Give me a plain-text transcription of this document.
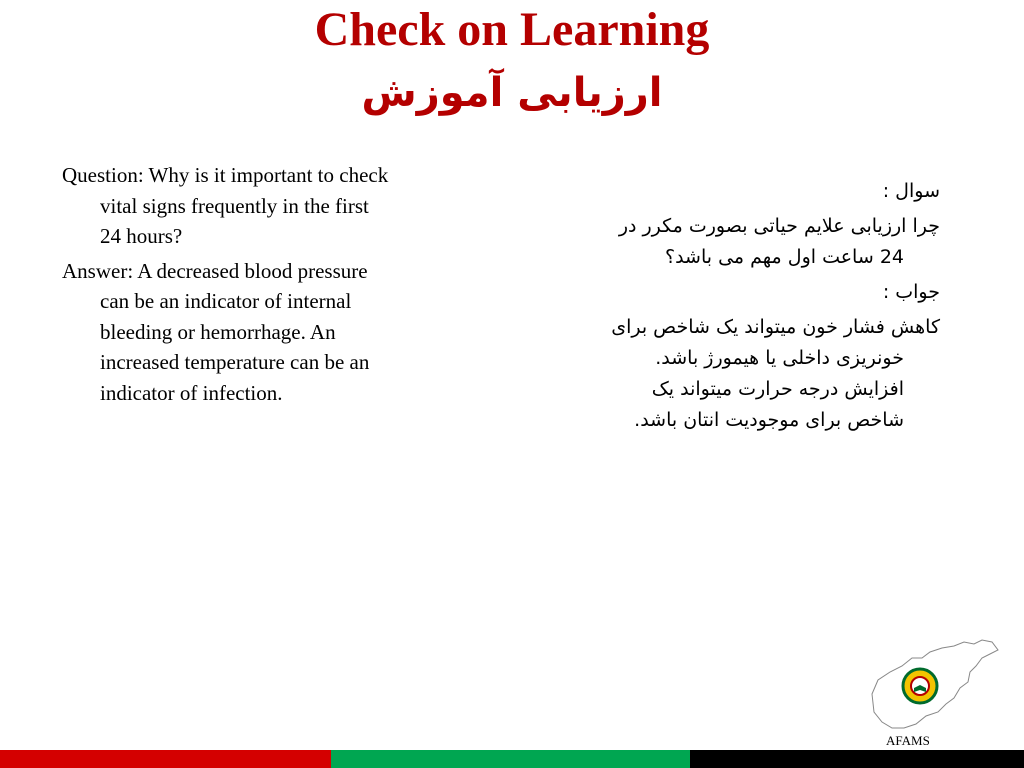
Check on Learning
ارزیابی آموزش

Question: Why is it important to check vital signs frequently in the first 24 hours?

Answer: A decreased blood pressure can be an indicator of internal bleeding or hemorrhage. An increased temperature can be an indicator of infection.

سوال :

چرا ارزیابی علایم حیاتی بصورت مکرر در 24 ساعت اول مهم می باشد؟

جواب :

کاهش فشار خون میتواند یک شاخص برای خونریزی داخلی یا هیمورژ باشد. افزایش درجه حرارت میتواند یک شاخص برای موجودیت انتان باشد.

AFAMS
